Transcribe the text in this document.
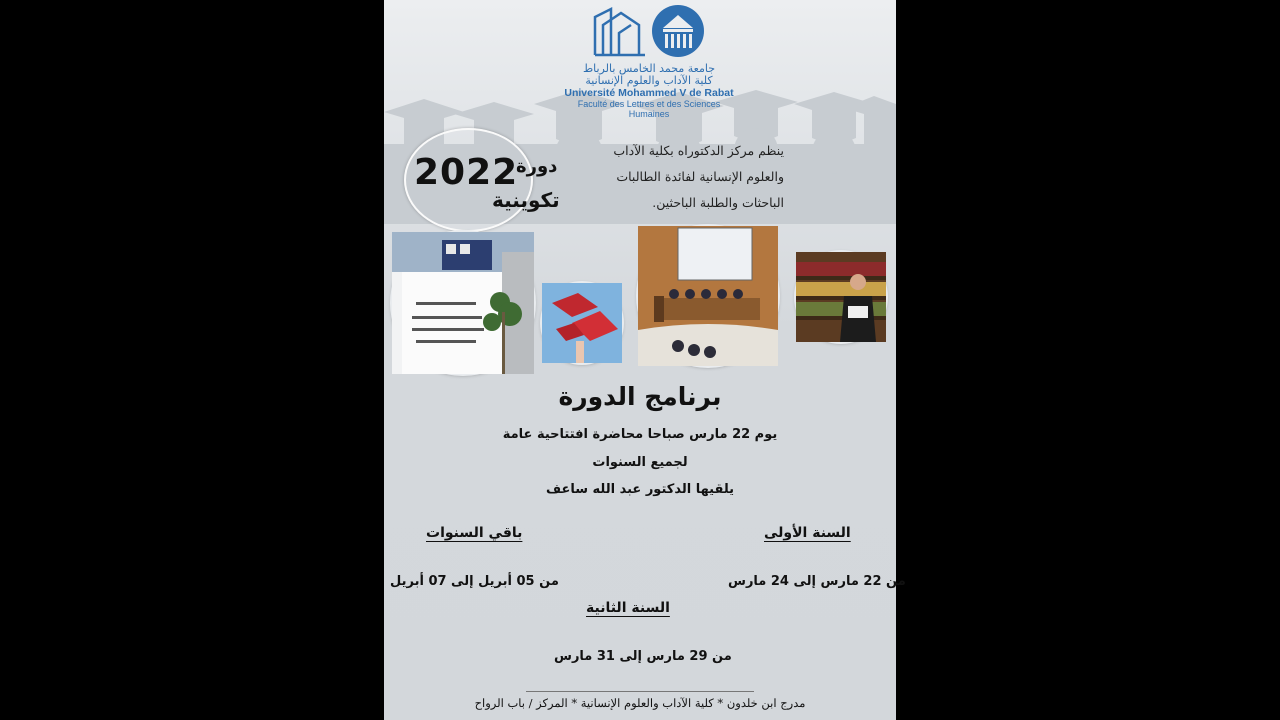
جامعة محمد الخامس بالرباط
كلية الآداب والعلوم الإنسانية
Université Mohammed V de Rabat
Faculté des Lettres et des Sciences Humaines
ينظم مركز الدكتوراه بكلية الآداب
والعلوم الإنسانية لفائدة الطالبات
الباحثات والطلبة الباحثين.
2022
دورة
تكوينية
برنامج الدورة
يوم 22 مارس صباحا محاضرة افتتاحية عامة
لجميع السنوات
يلقيها الدكتور عبد الله ساعف
السنة الأولى
باقي السنوات
من 22 مارس إلى 24 مارس
من 05 أبريل إلى 07 أبريل
السنة الثانية
من 29 مارس إلى 31 مارس
مدرج ابن خلدون * كلية الآداب والعلوم الإنسانية * المركز / باب الرواح
